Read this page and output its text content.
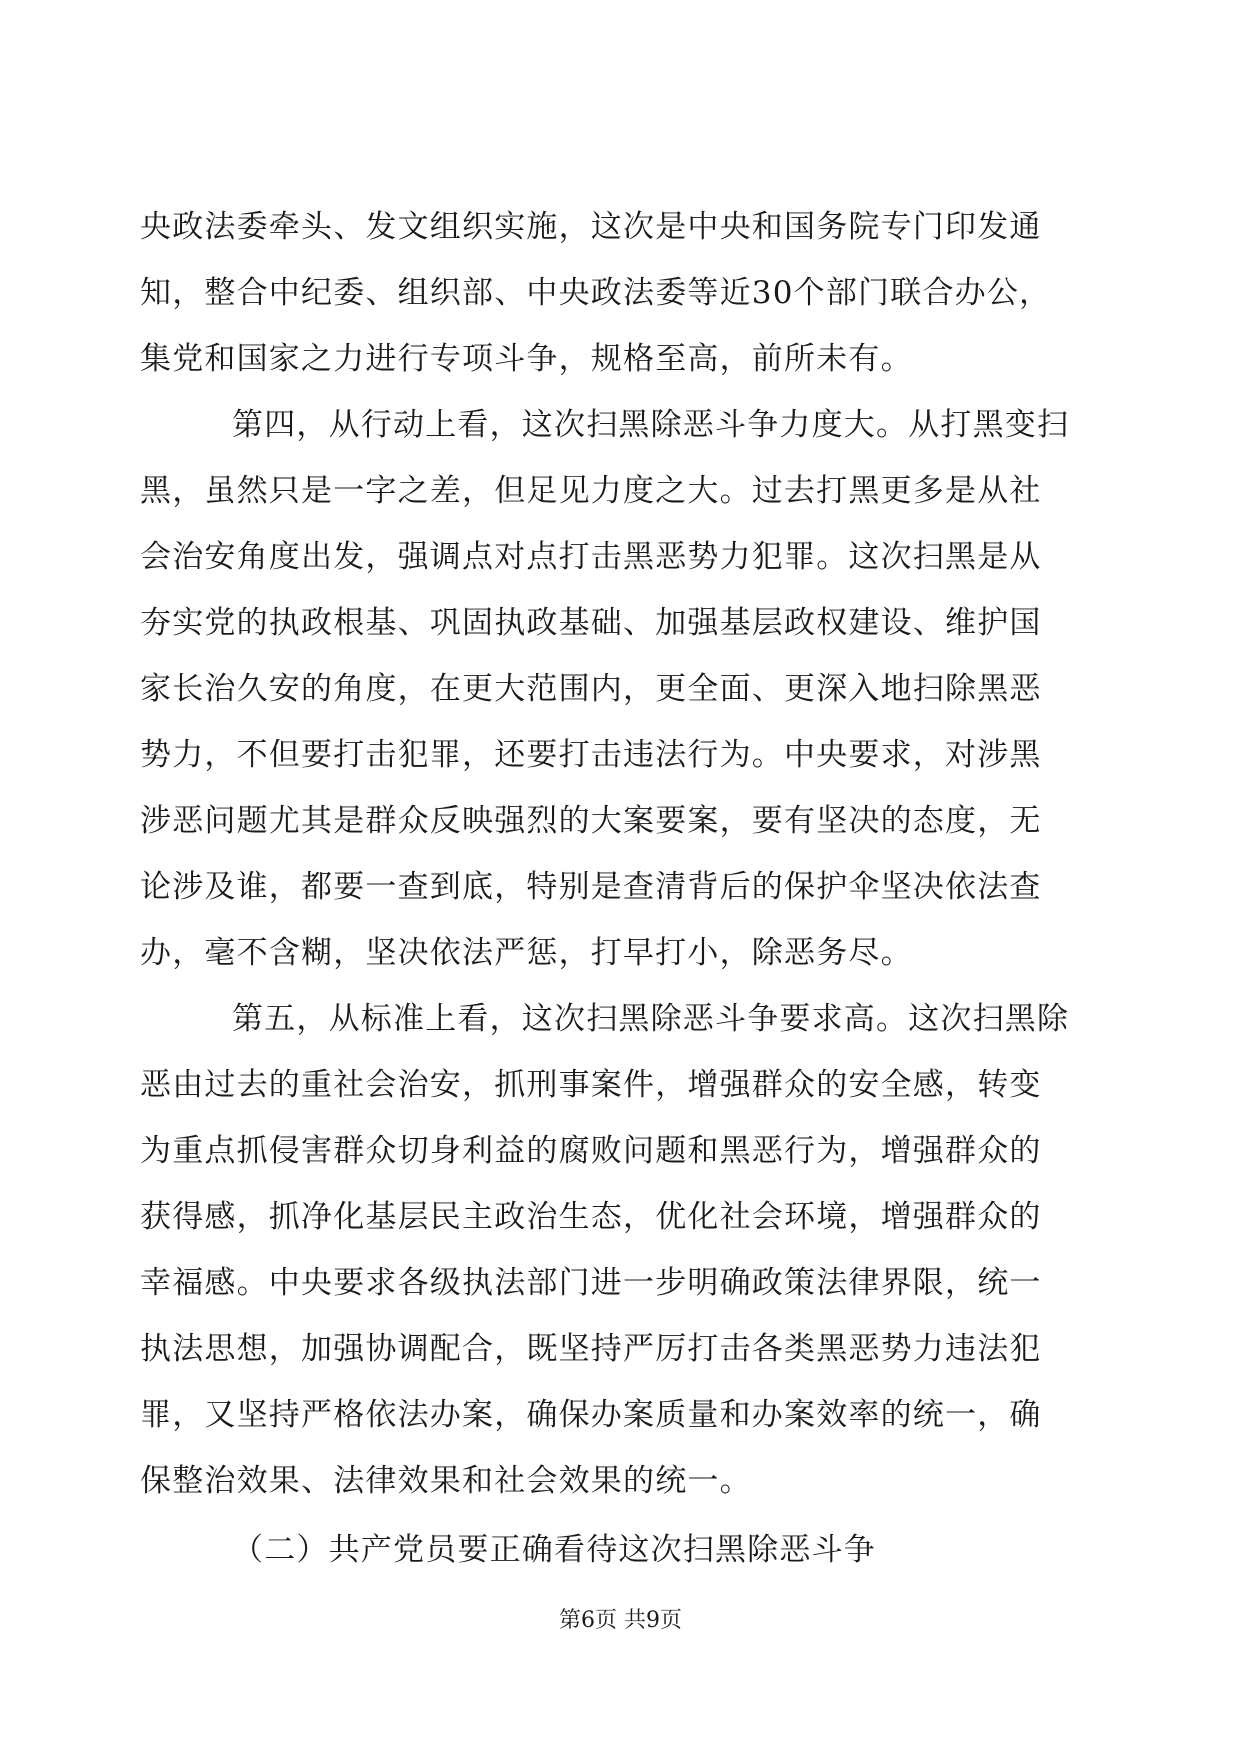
央政法委牵头、发文组织实施，这次是中央和国务院专门印发通
知，整合中纪委、组织部、中央政法委等近30个部门联合办公，
集党和国家之力进行专项斗争，规格至高，前所未有。
第四，从行动上看，这次扫黑除恶斗争力度大。从打黑变扫
黑，虽然只是一字之差，但足见力度之大。过去打黑更多是从社
会治安角度出发，强调点对点打击黑恶势力犯罪。这次扫黑是从
夯实党的执政根基、巩固执政基础、加强基层政权建设、维护国
家长治久安的角度，在更大范围内，更全面、更深入地扫除黑恶
势力，不但要打击犯罪，还要打击违法行为。中央要求，对涉黑
涉恶问题尤其是群众反映强烈的大案要案，要有坚决的态度，无
论涉及谁，都要一查到底，特别是查清背后的保护伞坚决依法查
办，毫不含糊，坚决依法严惩，打早打小，除恶务尽。
第五，从标准上看，这次扫黑除恶斗争要求高。这次扫黑除
恶由过去的重社会治安，抓刑事案件，增强群众的安全感，转变
为重点抓侵害群众切身利益的腐败问题和黑恶行为，增强群众的
获得感，抓净化基层民主政治生态，优化社会环境，增强群众的
幸福感。中央要求各级执法部门进一步明确政策法律界限，统一
执法思想，加强协调配合，既坚持严厉打击各类黑恶势力违法犯
罪，又坚持严格依法办案，确保办案质量和办案效率的统一，确
保整治效果、法律效果和社会效果的统一。
（二）共产党员要正确看待这次扫黑除恶斗争
第6页 共9页
